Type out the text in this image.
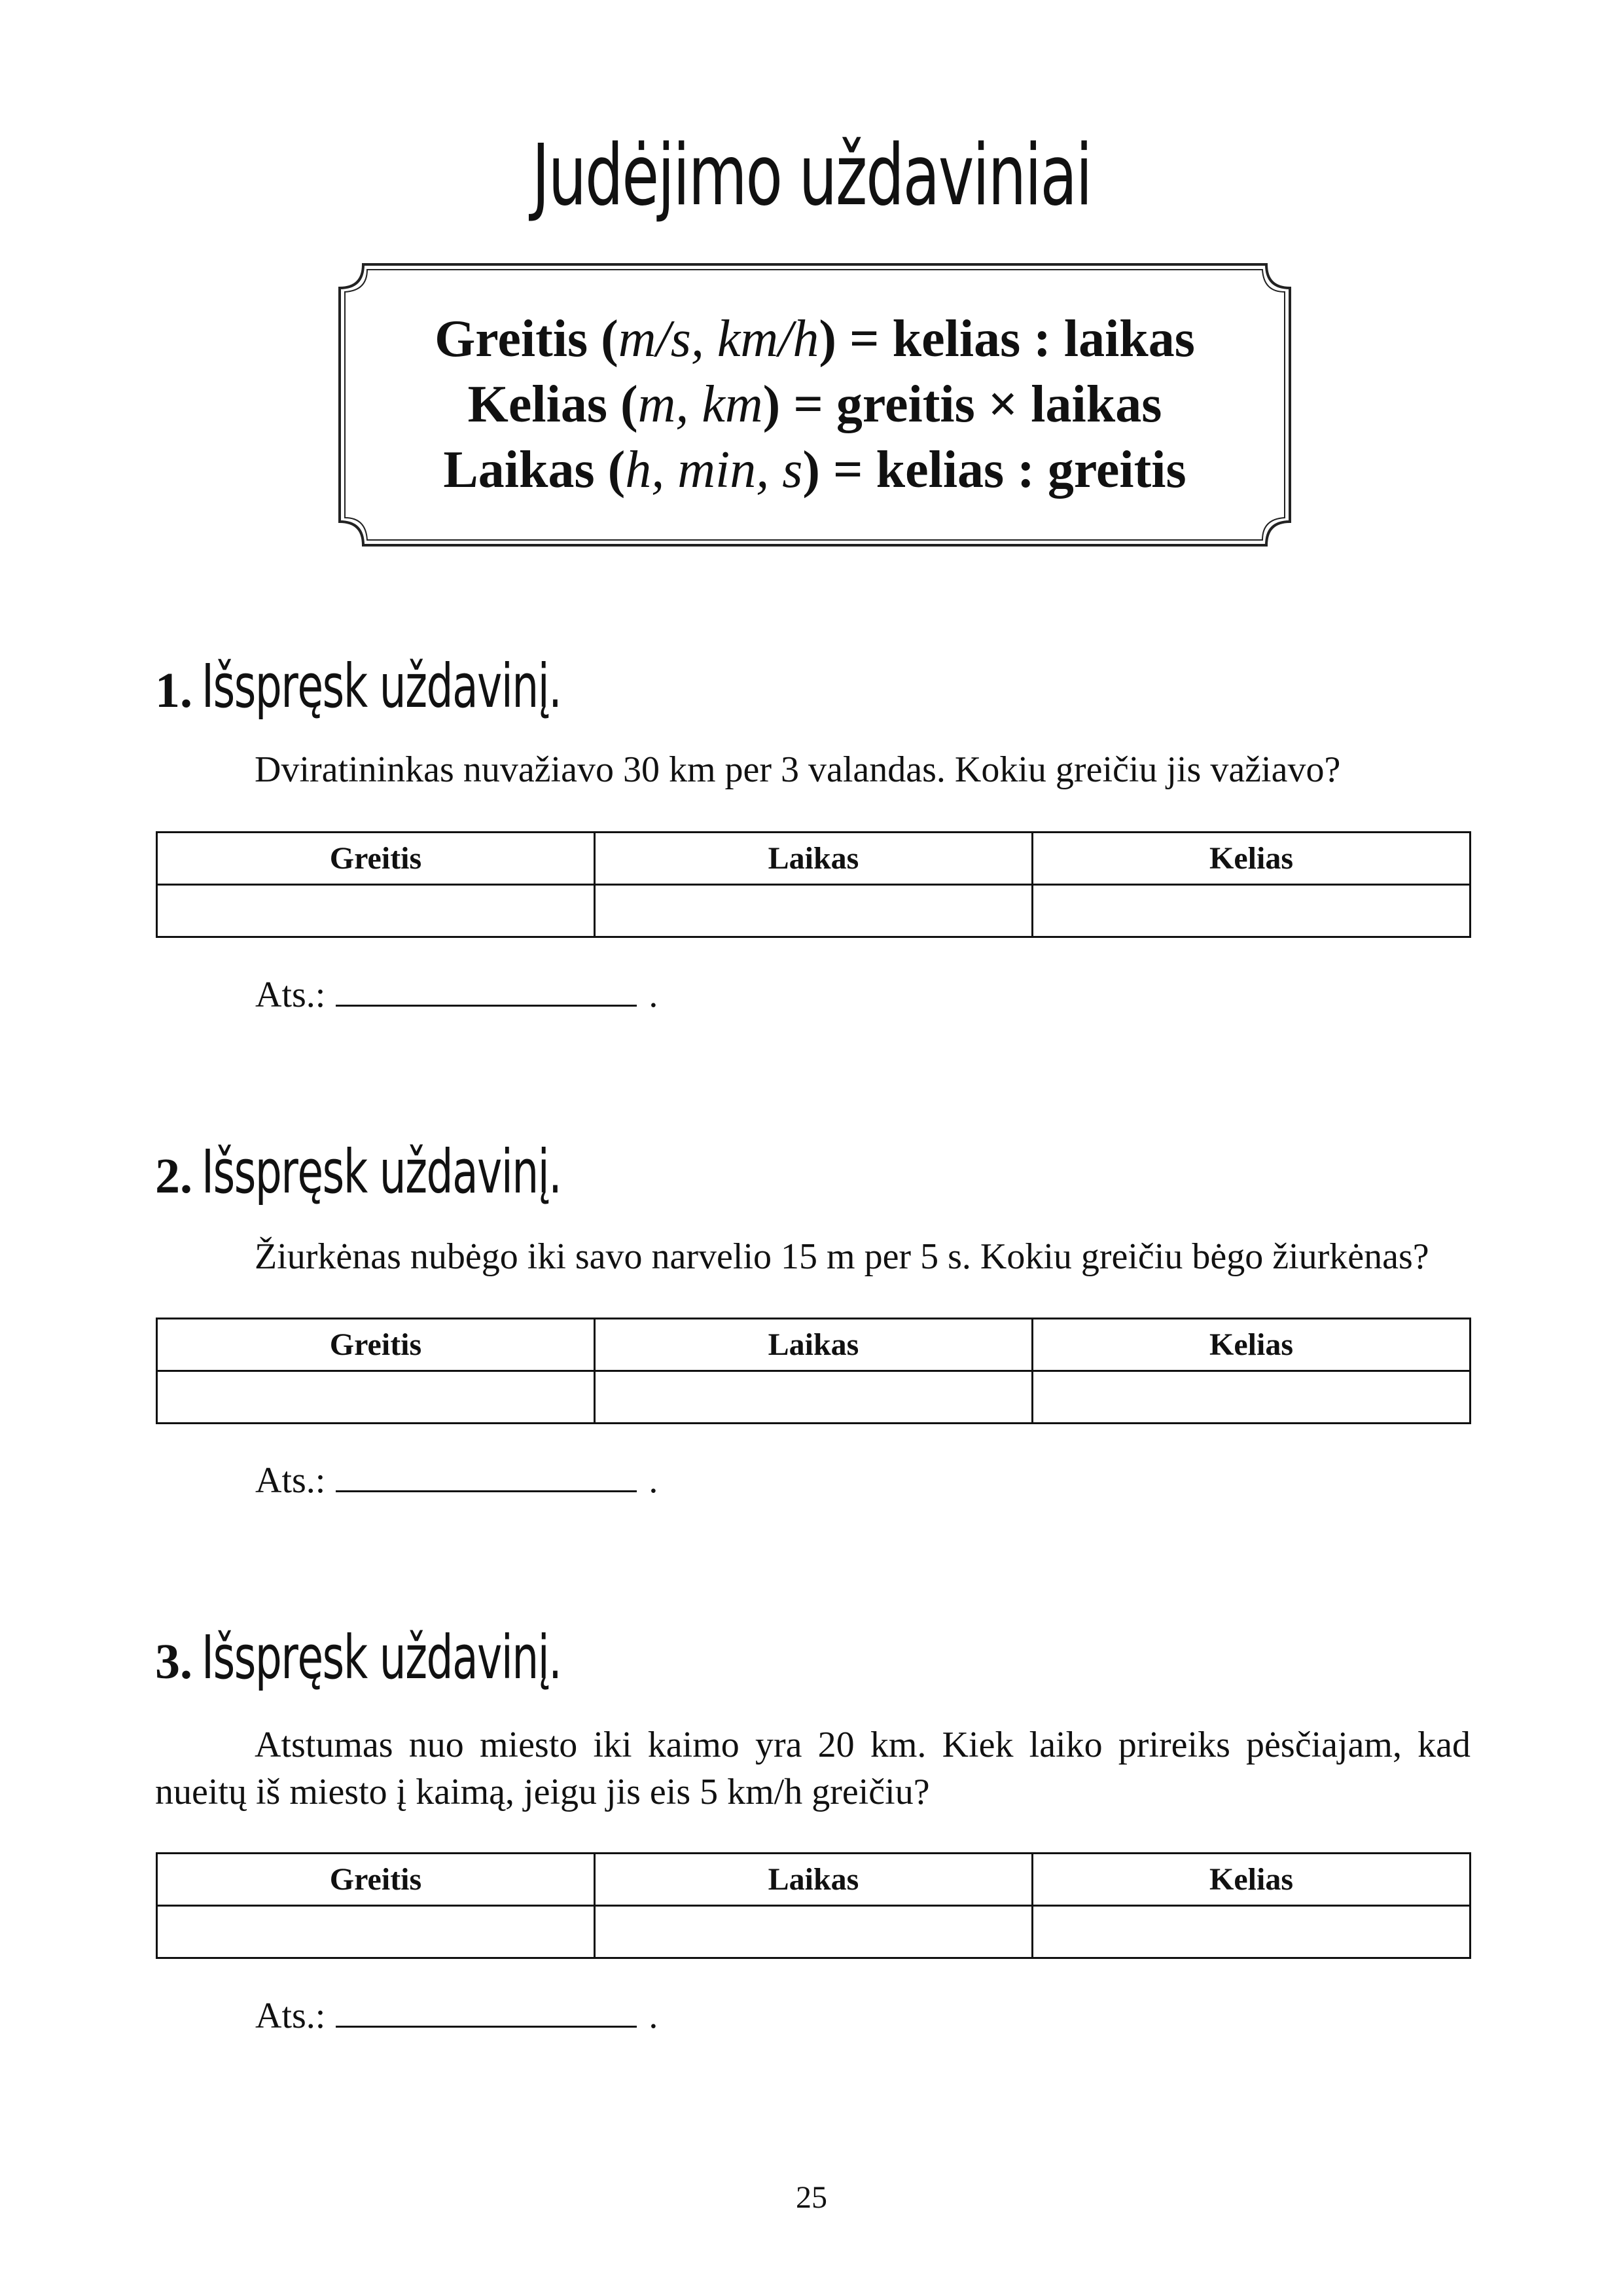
Judėjimo uždaviniai
Greitis (m/s, km/h) = kelias : laikas
Kelias (m, km) = greitis × laikas
Laikas (h, min, s) = kelias : greitis
1. Išspręsk uždavinį.

Dviratininkas nuvažiavo 30 km per 3 valandas. Kokiu greičiu jis važiavo?

Greitis	Laikas	Kelias

Ats.:	.
2. Išspręsk uždavinį.

Žiurkėnas nubėgo iki savo narvelio 15 m per 5 s. Kokiu greičiu bėgo žiurkėnas?

Greitis	Laikas	Kelias

Ats.:	.
3. Išspręsk uždavinį.

Atstumas nuo miesto iki kaimo yra 20 km. Kiek laiko prireiks pėsčiajam, kad nueitų iš miesto į kaimą, jeigu jis eis 5 km/h greičiu?

Greitis	Laikas	Kelias

Ats.:	.
25
